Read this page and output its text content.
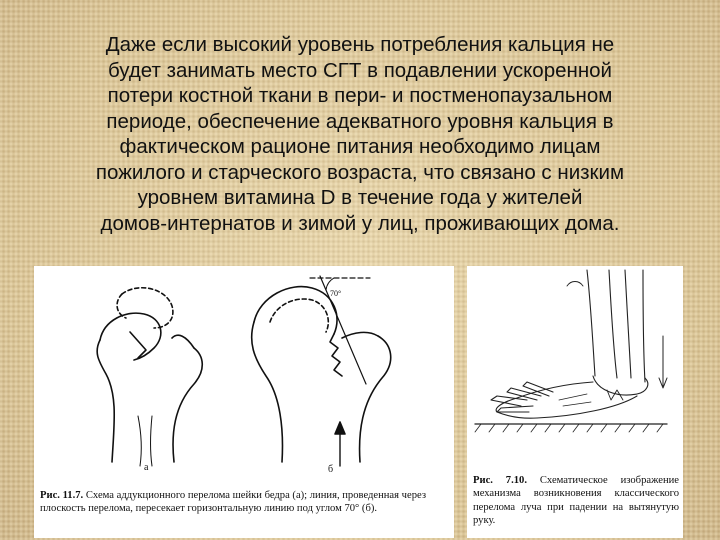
Даже если высокий уровень потребления кальция не
будет занимать место СГТ в подавлении ускоренной
потери костной ткани в пери- и постменопаузальном
периоде, обеспечение адекватного уровня кальция в
фактическом рационе питания необходимо лицам
пожилого и старческого возраста, что связано с низким
уровнем витамина D в течение года у жителей
домов-интернатов и зимой у лиц, проживающих дома.
а	б
70°
Рис. 11.7. Схема аддукционного перелома шейки бедра (а); линия, проведенная через плоскость перелома, пересекает горизонтальную линию под углом 70° (б).
Рис. 7.10. Схематическое изображение механизма возникновения классического перелома луча при падении на вытянутую руку.
